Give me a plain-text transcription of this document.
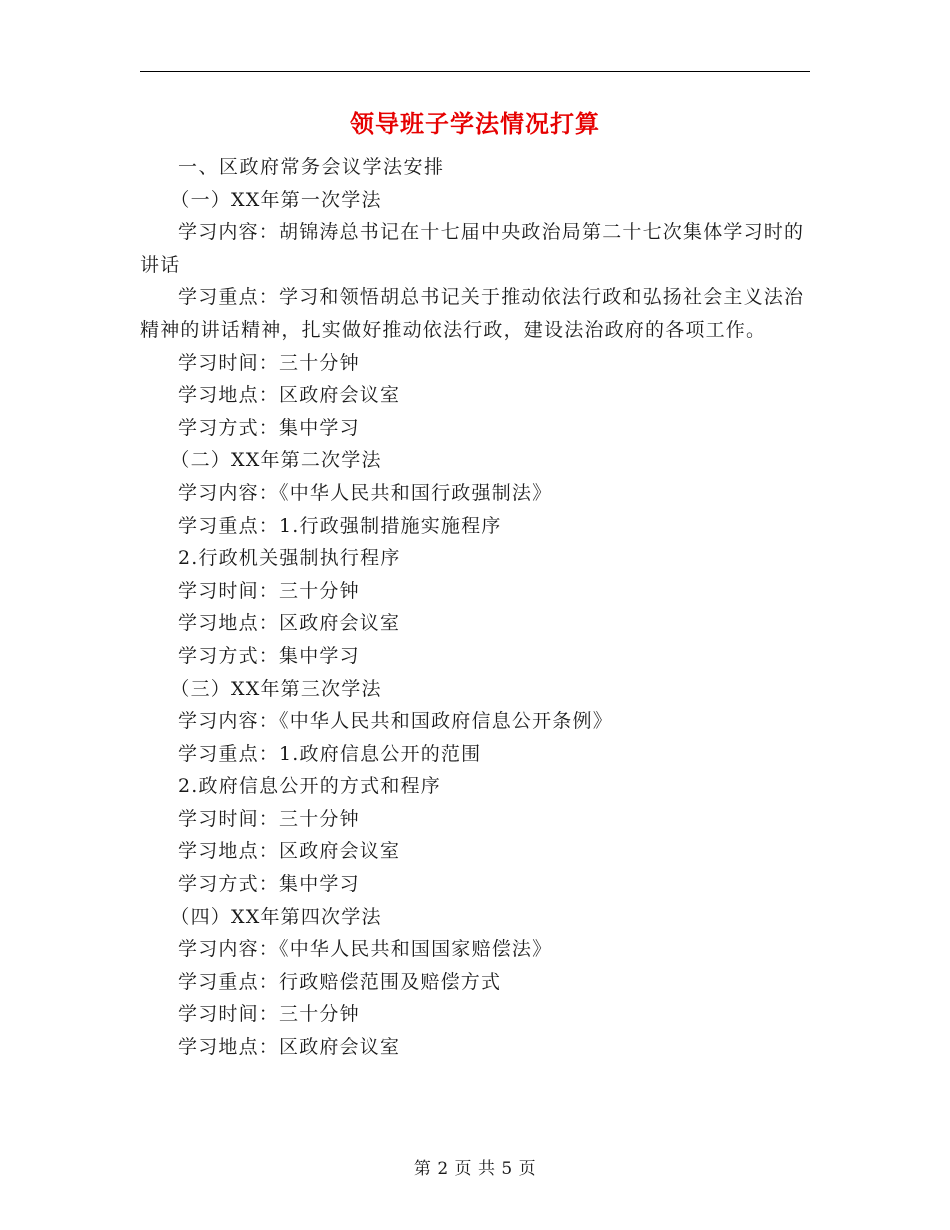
领导班子学法情况打算

一、区政府常务会议学法安排

（一）XX年第一次学法

学习内容：胡锦涛总书记在十七届中央政治局第二十七次集体学习时的讲话

学习重点：学习和领悟胡总书记关于推动依法行政和弘扬社会主义法治精神的讲话精神，扎实做好推动依法行政，建设法治政府的各项工作。

学习时间：三十分钟

学习地点：区政府会议室

学习方式：集中学习

（二）XX年第二次学法

学习内容：《中华人民共和国行政强制法》

学习重点：1.行政强制措施实施程序

2.行政机关强制执行程序

学习时间：三十分钟

学习地点：区政府会议室

学习方式：集中学习

（三）XX年第三次学法

学习内容：《中华人民共和国政府信息公开条例》

学习重点：1.政府信息公开的范围

2.政府信息公开的方式和程序

学习时间：三十分钟

学习地点：区政府会议室

学习方式：集中学习

（四）XX年第四次学法

学习内容：《中华人民共和国国家赔偿法》

学习重点：行政赔偿范围及赔偿方式

学习时间：三十分钟

学习地点：区政府会议室

第 2 页 共 5 页
